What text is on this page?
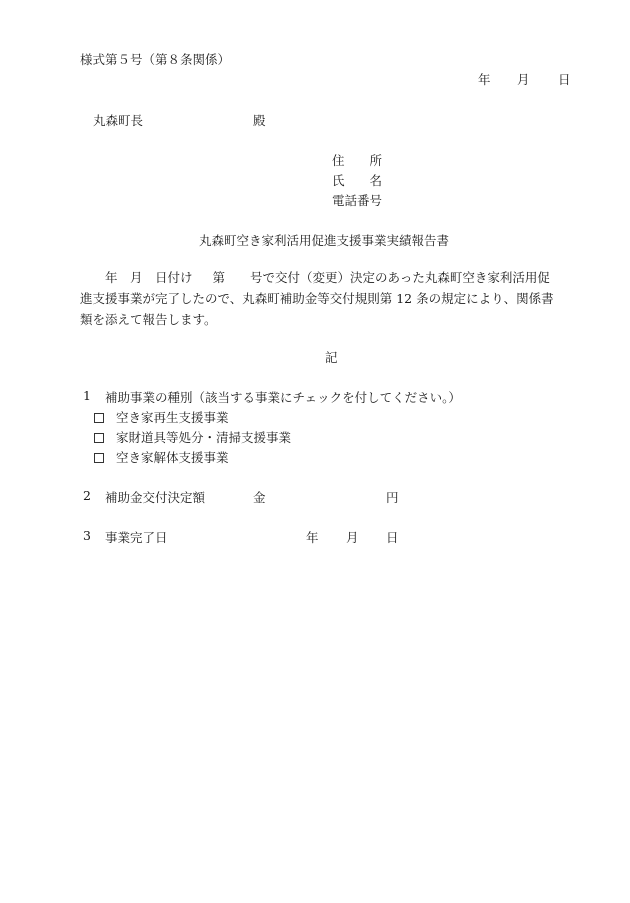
様式第５号（第８条関係）
年 月 日
丸森町長	殿
住　　所
氏　　名
電話番号
丸森町空き家利活用促進支援事業実績報告書
年　月　日付け 第　　号で交付（変更）決定のあった丸森町空き家利活用促
進支援事業が完了したので、丸森町補助金等交付規則第 12 条の規定により、関係書
類を添えて報告します。
記
1 補助事業の種別（該当する事業にチェックを付してください。）
空き家再生支援事業
家財道具等処分・清掃支援事業
空き家解体支援事業
2 補助金交付決定額	金	円
3 事業完了日	年 月 日
